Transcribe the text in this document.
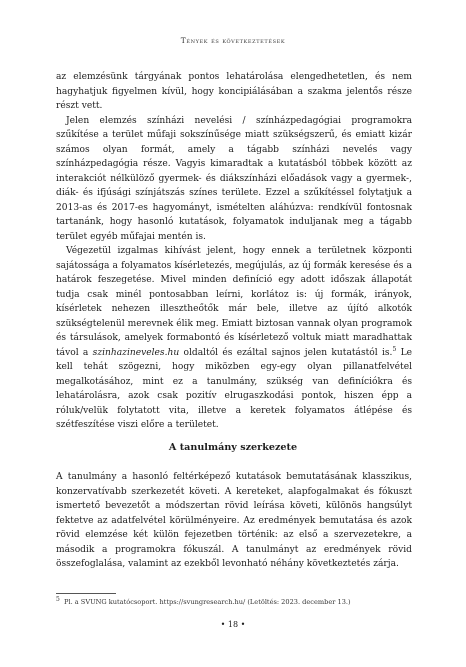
Tények és következtetések

az elemzésünk tárgyának pontos lehatárolása elengedhetetlen, és nem hagyhatjuk figyelmen kívül, hogy koncipiálásában a szakma jelentős része részt vett.

Jelen elemzés színházi nevelési / színházpedagógiai programokra szűkítése a terület műfaji sokszínűsége miatt szükségszerű, és emiatt kizár számos olyan formát, amely a tágabb színházi nevelés vagy színházpedagógia része. Vagyis kimaradtak a kutatásból többek között az interakciót nélkülöző gyermek- és diákszínházi előadások vagy a gyermek-, diák- és ifjúsági színjátszás színes területe. Ezzel a szűkítéssel folytatjuk a 2013-as és 2017-es hagyományt, ismételten aláhúzva: rendkívül fontosnak tartanánk, hogy hasonló kutatások, folyamatok induljanak meg a tágabb terület egyéb műfajai mentén is.

Végezetül izgalmas kihívást jelent, hogy ennek a területnek központi sajátossága a folyamatos kísérletezés, megújulás, az új formák keresése és a határok feszegetése. Mivel minden definíció egy adott időszak állapotát tudja csak minél pontosabban leírni, korlátoz is: új formák, irányok, kísérletek nehezen illesztheőtők már bele, illetve az újító alkotók szükségtelenül merevnek élik meg. Emiatt biztosan vannak olyan programok és társulások, amelyek formabontó és kísérletező voltuk miatt maradhattak távol a szinhazineveles.hu oldaltól és ezáltal sajnos jelen kutatástól is.$^5$ Le kell tehát szögezni, hogy miközben egy-egy olyan pillanatfelvétel megalkotásához, mint ez a tanulmány, szükség van definíciókra és lehatárolásra, azok csak pozitív elrugaszkodási pontok, hiszen épp a róluk/velük folytatott vita, illetve a keretek folyamatos átlépése és szétfeszítése viszi előre a területet.

A tanulmány szerkezete

A tanulmány a hasonló feltérképező kutatások bemutatásának klasszikus, konzervatívabb szerkezetét követi. A kereteket, alapfogalmakat és fókuszt ismertető bevezetőt a módszertan rövid leírása követi, különös hangsúlyt fektetve az adatfelvétel körülményeire. Az eredmények bemutatása és azok rövid elemzése két külön fejezetben történik: az első a szervezetekre, a második a programokra fókuszál. A tanulmányt az eredmények rövid összefoglalása, valamint az ezekből levonható néhány következtetés zárja.

$^5$ Pl. a SVUNG kutatócsoport. https://svungresearch.hu/ (Letöltés: 2023. december 13.)
• 18 •
